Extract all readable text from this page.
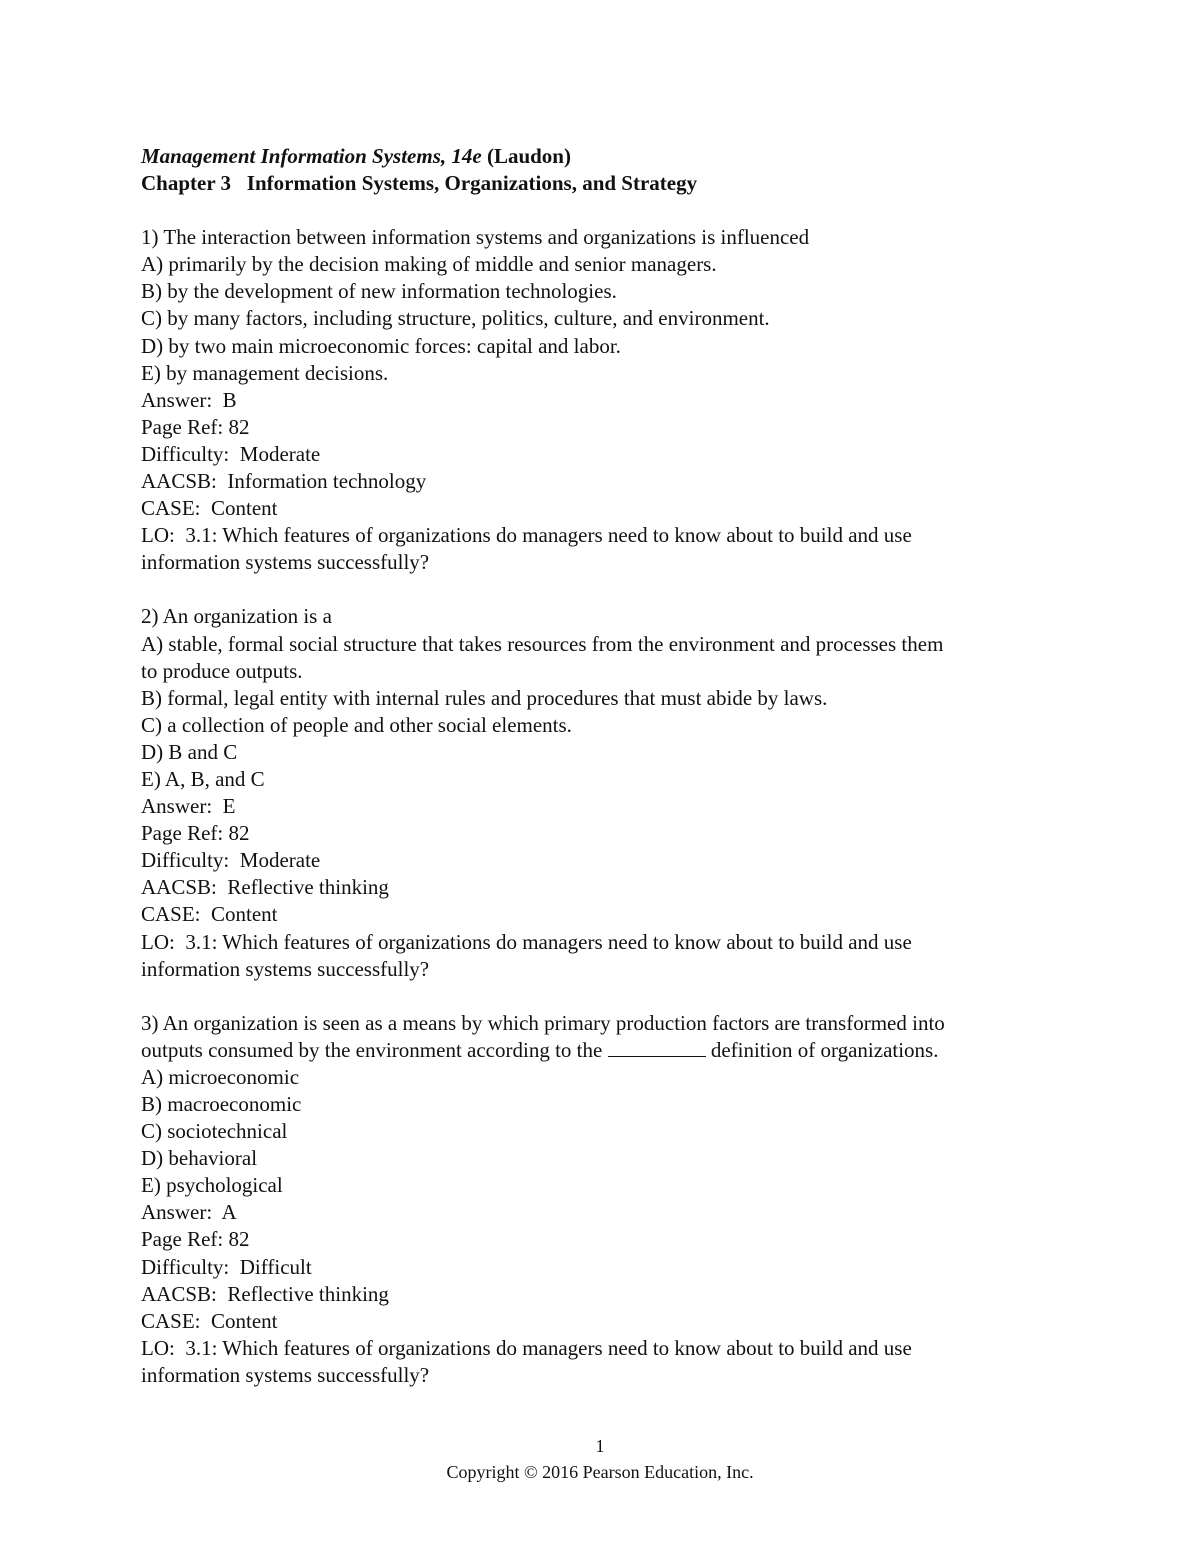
Management Information Systems, 14e (Laudon)

Chapter 3   Information Systems, Organizations, and Strategy

1) The interaction between information systems and organizations is influenced

A) primarily by the decision making of middle and senior managers.

B) by the development of new information technologies.

C) by many factors, including structure, politics, culture, and environment.

D) by two main microeconomic forces: capital and labor.

E) by management decisions.

Answer:  B

Page Ref: 82

Difficulty:  Moderate

AACSB:  Information technology

CASE:  Content

LO:  3.1: Which features of organizations do managers need to know about to build and use

information systems successfully?

2) An organization is a

A) stable, formal social structure that takes resources from the environment and processes them

to produce outputs.

B) formal, legal entity with internal rules and procedures that must abide by laws.

C) a collection of people and other social elements.

D) B and C

E) A, B, and C

Answer:  E

Page Ref: 82

Difficulty:  Moderate

AACSB:  Reflective thinking

CASE:  Content

LO:  3.1: Which features of organizations do managers need to know about to build and use

information systems successfully?

3) An organization is seen as a means by which primary production factors are transformed into

outputs consumed by the environment according to the	definition of organizations.

A) microeconomic

B) macroeconomic

C) sociotechnical

D) behavioral

E) psychological

Answer:  A

Page Ref: 82

Difficulty:  Difficult

AACSB:  Reflective thinking

CASE:  Content

LO:  3.1: Which features of organizations do managers need to know about to build and use

information systems successfully?

1
Copyright © 2016 Pearson Education, Inc.
